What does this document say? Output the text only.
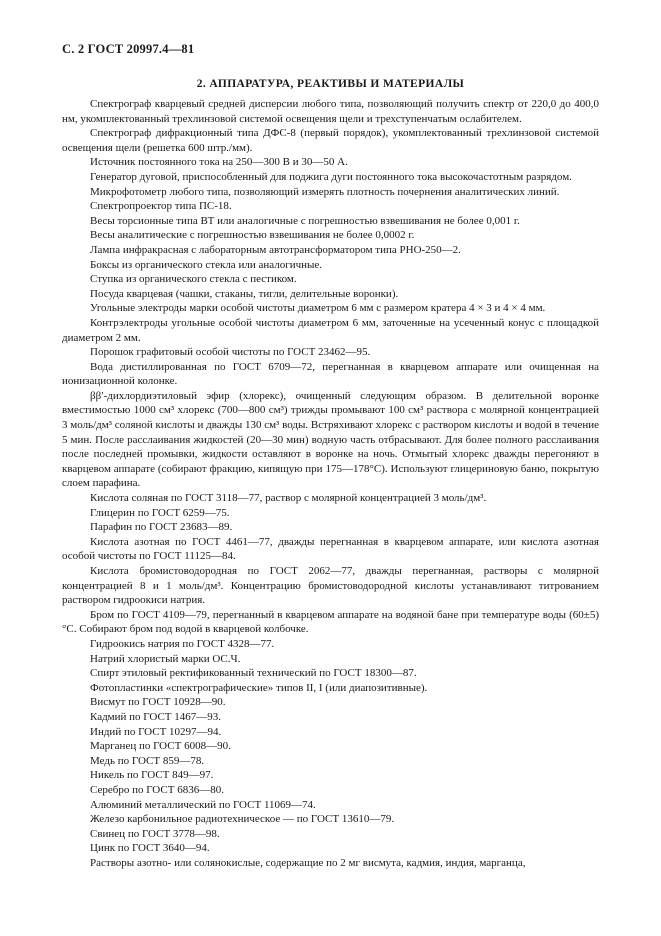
С. 2 ГОСТ 20997.4—81
2. АППАРАТУРА, РЕАКТИВЫ И МАТЕРИАЛЫ

Спектрограф кварцевый средней дисперсии любого типа, позволяющий получить спектр от 220,0 до 400,0 нм, укомплектованный трехлинзовой системой освещения щели и трехступенчатым ослабителем.

Спектрограф дифракционный типа ДФС-8 (первый порядок), укомплектованный трехлинзовой системой освещения щели (решетка 600 штр./мм).

Источник постоянного тока на 250—300 В и 30—50 А.

Генератор дуговой, приспособленный для поджига дуги постоянного тока высокочастотным разрядом.

Микрофотометр любого типа, позволяющий измерять плотность почернения аналитических линий.

Спектропроектор типа ПС-18.

Весы торсионные типа ВТ или аналогичные с погрешностью взвешивания не более 0,001 г.

Весы аналитические с погрешностью взвешивания не более 0,0002 г.

Лампа инфракрасная с лабораторным автотрансформатором типа РНО-250—2.

Боксы из органического стекла или аналогичные.

Ступка из органического стекла с пестиком.

Посуда кварцевая (чашки, стаканы, тигли, делительные воронки).

Угольные электроды марки особой чистоты диаметром 6 мм с размером кратера 4 × 3 и 4 × 4 мм.

Контрэлектроды угольные особой чистоты диаметром 6 мм, заточенные на усеченный конус с площадкой диаметром 2 мм.

Порошок графитовый особой чистоты по ГОСТ 23462—95.

Вода дистиллированная по ГОСТ 6709—72, перегнанная в кварцевом аппарате или очищенная на ионизационной колонке.

ββ′-дихлордиэтиловый эфир (хлорекс), очищенный следующим образом. В делительной воронке вместимостью 1000 см³ хлорекс (700—800 см³) трижды промывают 100 см³ раствора с молярной концентрацией 3 моль/дм³ соляной кислоты и дважды 130 см³ воды. Встряхивают хлорекс с раствором кислоты и водой в течение 5 мин. После расслаивания жидкостей (20—30 мин) водную часть отбрасывают. Для более полного расслаивания после последней промывки, жидкости оставляют в воронке на ночь. Отмытый хлорекс дважды перегоняют в кварцевом аппарате (собирают фракцию, кипящую при 175—178°С). Используют глицериновую баню, покрытую слоем парафина.

Кислота соляная по ГОСТ 3118—77, раствор с молярной концентрацией 3 моль/дм³.

Глицерин по ГОСТ 6259—75.

Парафин по ГОСТ 23683—89.

Кислота азотная по ГОСТ 4461—77, дважды перегнанная в кварцевом аппарате, или кислота азотная особой чистоты по ГОСТ 11125—84.

Кислота бромистоводородная по ГОСТ 2062—77, дважды перегнанная, растворы с молярной концентрацией 8 и 1 моль/дм³. Концентрацию бромистоводородной кислоты устанавливают титрованием раствором гидроокиси натрия.

Бром по ГОСТ 4109—79, перегнанный в кварцевом аппарате на водяной бане при температуре воды (60±5) °С. Собирают бром под водой в кварцевой колбочке.

Гидроокись натрия по ГОСТ 4328—77.

Натрий хлористый марки ОС.Ч.

Спирт этиловый ректификованный технический по ГОСТ 18300—87.

Фотопластинки «спектрографические» типов II, I (или диапозитивные).

Висмут по ГОСТ 10928—90.

Кадмий по ГОСТ 1467—93.

Индий по ГОСТ 10297—94.

Марганец по ГОСТ 6008—90.

Медь по ГОСТ 859—78.

Никель по ГОСТ 849—97.

Серебро по ГОСТ 6836—80.

Алюминий металлический по ГОСТ 11069—74.

Железо карбонильное радиотехническое — по ГОСТ 13610—79.

Свинец по ГОСТ 3778—98.

Цинк по ГОСТ 3640—94.

Растворы азотно- или солянокислые, содержащие по 2 мг висмута, кадмия, индия, марганца,
